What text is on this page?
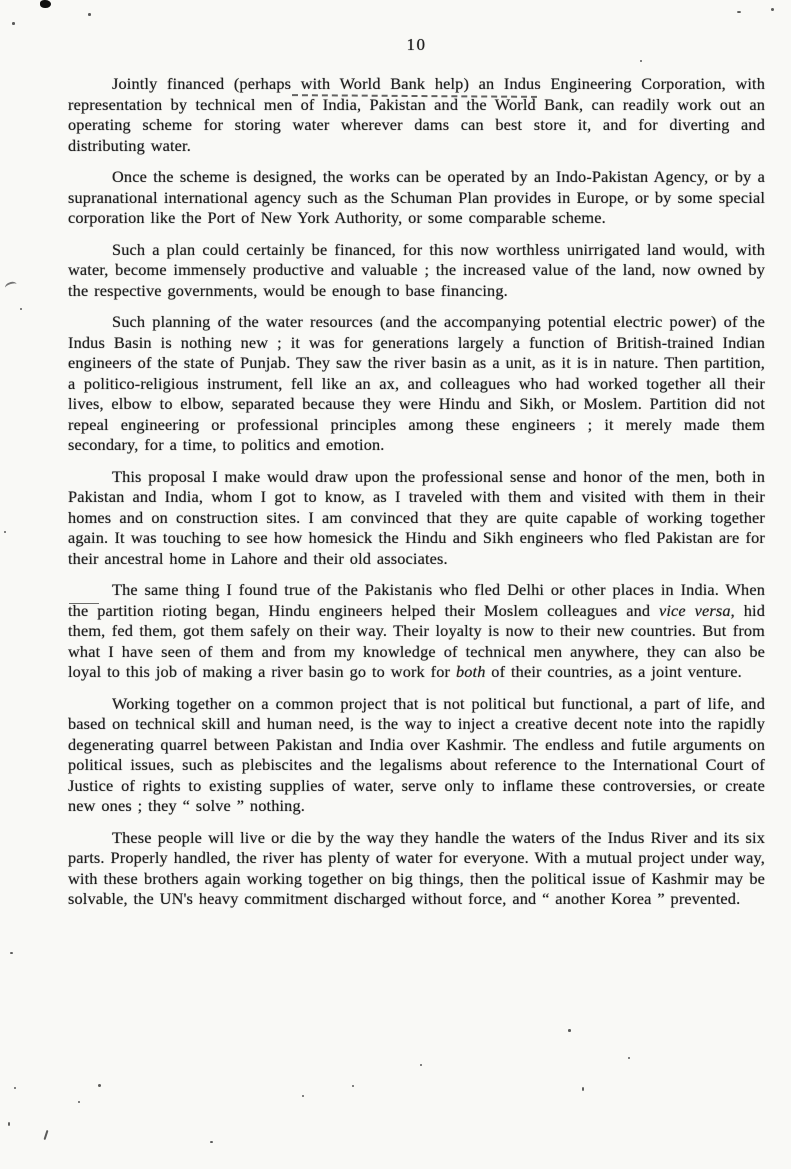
10

Jointly financed (perhaps with World Bank help) an Indus Engineering Corporation, with representation by technical men of India, Pakistan and the World Bank, can readily work out an operating scheme for storing water wherever dams can best store it, and for diverting and distributing water.

Once the scheme is designed, the works can be operated by an Indo-Pakistan Agency, or by a supranational international agency such as the Schuman Plan provides in Europe, or by some special corporation like the Port of New York Authority, or some comparable scheme.

Such a plan could certainly be financed, for this now worthless unirrigated land would, with water, become immensely productive and valuable ; the increased value of the land, now owned by the respective governments, would be enough to base financing.

Such planning of the water resources (and the accompanying potential electric power) of the Indus Basin is nothing new ; it was for generations largely a function of British-trained Indian engineers of the state of Punjab. They saw the river basin as a unit, as it is in nature. Then partition, a politico-religious instrument, fell like an ax, and colleagues who had worked together all their lives, elbow to elbow, separated because they were Hindu and Sikh, or Moslem. Partition did not repeal engineering or professional principles among these engineers ; it merely made them secondary, for a time, to politics and emotion.

This proposal I make would draw upon the professional sense and honor of the men, both in Pakistan and India, whom I got to know, as I traveled with them and visited with them in their homes and on construction sites. I am convinced that they are quite capable of working together again. It was touching to see how homesick the Hindu and Sikh engineers who fled Pakistan are for their ancestral home in Lahore and their old associates.

The same thing I found true of the Pakistanis who fled Delhi or other places in India. When the partition rioting began, Hindu engineers helped their Moslem colleagues and vice versa, hid them, fed them, got them safely on their way. Their loyalty is now to their new countries. But from what I have seen of them and from my knowledge of technical men anywhere, they can also be loyal to this job of making a river basin go to work for both of their countries, as a joint venture.

Working together on a common project that is not political but functional, a part of life, and based on technical skill and human need, is the way to inject a creative decent note into the rapidly degenerating quarrel between Pakistan and India over Kashmir. The endless and futile arguments on political issues, such as plebiscites and the legalisms about reference to the International Court of Justice of rights to existing supplies of water, serve only to inflame these controversies, or create new ones ; they “ solve ” nothing.

These people will live or die by the way they handle the waters of the Indus River and its six parts. Properly handled, the river has plenty of water for everyone. With a mutual project under way, with these brothers again working together on big things, then the political issue of Kashmir may be solvable, the UN's heavy commitment discharged without force, and “ another Korea ” prevented.
